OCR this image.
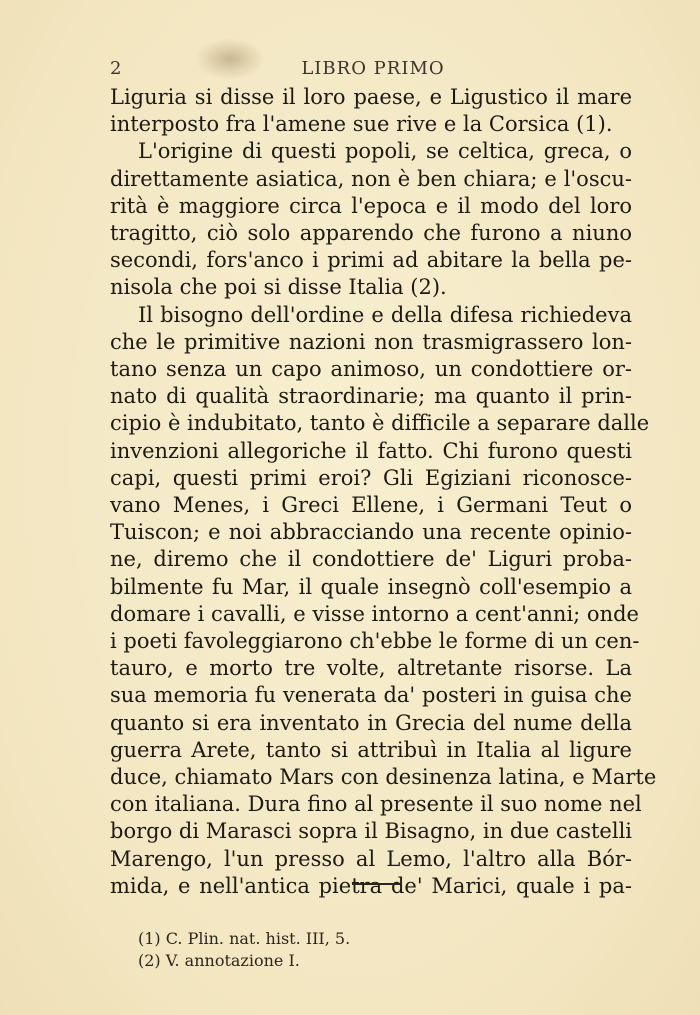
2	LIBRO PRIMO
Liguria si disse il loro paese, e Ligustico il mare
interposto fra l'amene sue rive e la Corsica (1).
L'origine di questi popoli, se celtica, greca, o
direttamente asiatica, non è ben chiara; e l'oscu-
rità è maggiore circa l'epoca e il modo del loro
tragitto, ciò solo apparendo che furono a niuno
secondi, fors'anco i primi ad abitare la bella pe-
nisola che poi si disse Italia (2).
Il bisogno dell'ordine e della difesa richiedeva
che le primitive nazioni non trasmigrassero lon-
tano senza un capo animoso, un condottiere or-
nato di qualità straordinarie; ma quanto il prin-
cipio è indubitato, tanto è difficile a separare dalle
invenzioni allegoriche il fatto. Chi furono questi
capi, questi primi eroi? Gli Egiziani riconosce-
vano Menes, i Greci Ellene, i Germani Teut o
Tuiscon; e noi abbracciando una recente opinio-
ne, diremo che il condottiere de' Liguri proba-
bilmente fu Mar, il quale insegnò coll'esempio a
domare i cavalli, e visse intorno a cent'anni; onde
i poeti favoleggiarono ch'ebbe le forme di un cen-
tauro, e morto tre volte, altretante risorse. La
sua memoria fu venerata da' posteri in guisa che
quanto si era inventato in Grecia del nume della
guerra Arete, tanto si attribuì in Italia al ligure
duce, chiamato Mars con desinenza latina, e Marte
con italiana. Dura fino al presente il suo nome nel
borgo di Marasci sopra il Bisagno, in due castelli
Marengo, l'un presso al Lemo, l'altro alla Bór-
mida, e nell'antica pietra de' Marici, quale i pa-
(1) C. Plin. nat. hist. III, 5.
(2) V. annotazione I.
